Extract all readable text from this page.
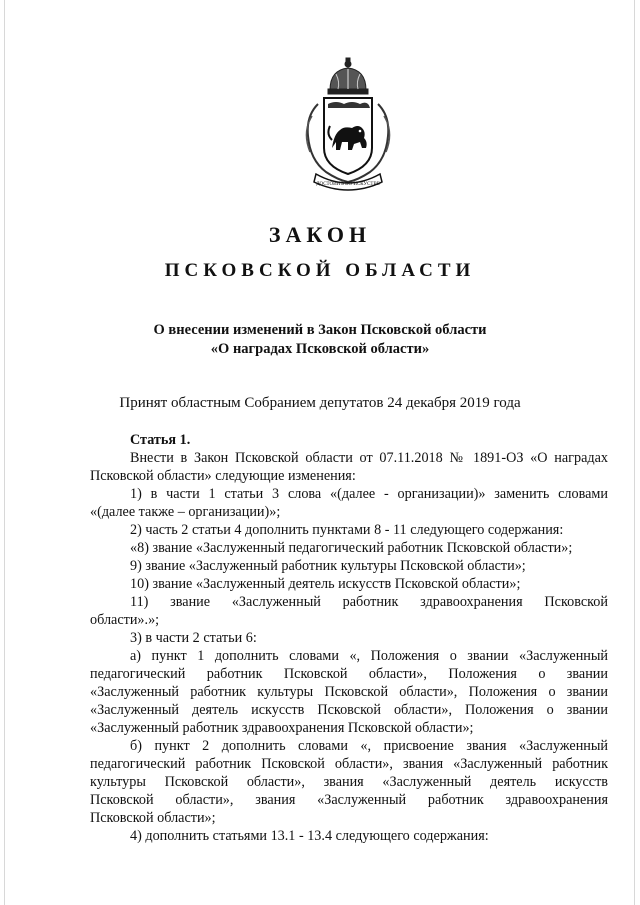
ДОСТОИНЪ ВО ИСКУСТВЕ
ЗАКОН
ПСКОВСКОЙ ОБЛАСТИ
О внесении изменений в Закон Псковской области
«О наградах Псковской области»
Принят областным Собранием депутатов 24 декабря 2019 года
Статья 1.
Внести в Закон Псковской области от 07.11.2018 № 1891-ОЗ «О наградах
Псковской области» следующие изменения:
1) в части 1 статьи 3 слова «(далее - организации)» заменить словами
«(далее также – организации)»;
2) часть 2 статьи 4 дополнить пунктами 8 - 11 следующего содержания:
«8) звание «Заслуженный педагогический работник Псковской области»;
9) звание «Заслуженный работник культуры Псковской области»;
10) звание «Заслуженный деятель искусств Псковской области»;
11) звание «Заслуженный работник здравоохранения Псковской
области».»;
3) в части 2 статьи 6:
а) пункт 1 дополнить словами «, Положения о звании «Заслуженный
педагогический работник Псковской области», Положения о звании
«Заслуженный работник культуры Псковской области», Положения о звании
«Заслуженный деятель искусств Псковской области», Положения о звании
«Заслуженный работник здравоохранения Псковской области»;
б) пункт 2 дополнить словами «, присвоение звания «Заслуженный
педагогический работник Псковской области», звания «Заслуженный работник
культуры Псковской области», звания «Заслуженный деятель искусств
Псковской области», звания «Заслуженный работник здравоохранения
Псковской области»;
4) дополнить статьями 13.1 - 13.4 следующего содержания:
